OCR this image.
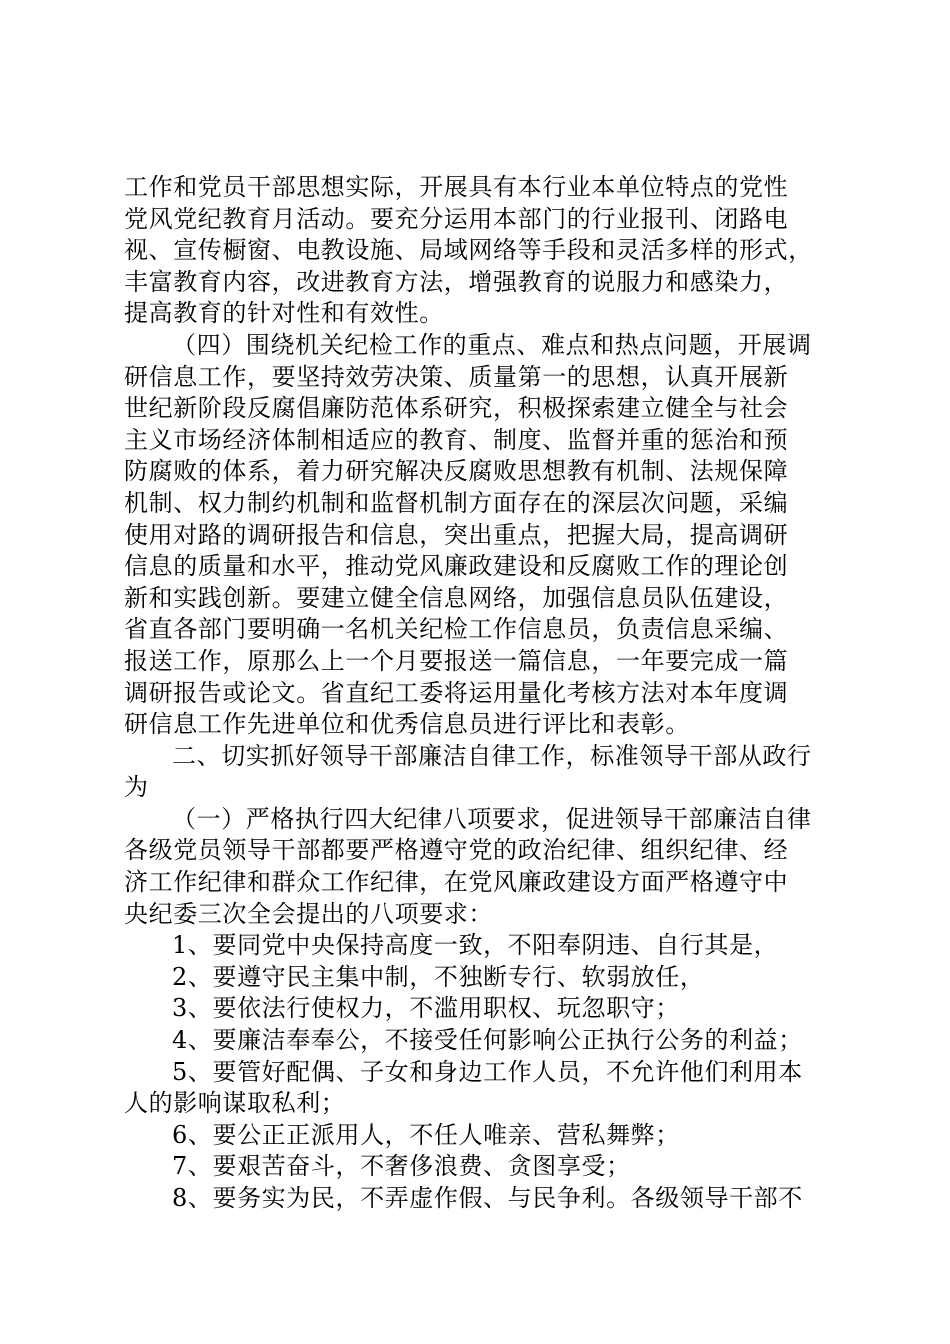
工作和党员干部思想实际，开展具有本行业本单位特点的党性
党风党纪教育月活动。要充分运用本部门的行业报刊、闭路电
视、宣传橱窗、电教设施、局域网络等手段和灵活多样的形式，
丰富教育内容，改进教育方法，增强教育的说服力和感染力，
提高教育的针对性和有效性。
（四）围绕机关纪检工作的重点、难点和热点问题，开展调
研信息工作，要坚持效劳决策、质量第一的思想，认真开展新
世纪新阶段反腐倡廉防范体系研究，积极探索建立健全与社会
主义市场经济体制相适应的教育、制度、监督并重的惩治和预
防腐败的体系，着力研究解决反腐败思想教有机制、法规保障
机制、权力制约机制和监督机制方面存在的深层次问题，采编
使用对路的调研报告和信息，突出重点，把握大局，提高调研
信息的质量和水平，推动党风廉政建设和反腐败工作的理论创
新和实践创新。要建立健全信息网络，加强信息员队伍建设，
省直各部门要明确一名机关纪检工作信息员，负责信息采编、
报送工作，原那么上一个月要报送一篇信息，一年要完成一篇
调研报告或论文。省直纪工委将运用量化考核方法对本年度调
研信息工作先进单位和优秀信息员进行评比和表彰。
二、切实抓好领导干部廉洁自律工作，标准领导干部从政行
为
（一）严格执行四大纪律八项要求，促进领导干部廉洁自律
各级党员领导干部都要严格遵守党的政治纪律、组织纪律、经
济工作纪律和群众工作纪律，在党风廉政建设方面严格遵守中
央纪委三次全会提出的八项要求：
1、要同党中央保持高度一致，不阳奉阴违、自行其是，
2、要遵守民主集中制，不独断专行、软弱放任，
3、要依法行使权力，不滥用职权、玩忽职守；
4、要廉洁奉奉公，不接受任何影响公正执行公务的利益；
5、要管好配偶、子女和身边工作人员，不允许他们利用本
人的影响谋取私利；
6、要公正正派用人，不任人唯亲、营私舞弊；
7、要艰苦奋斗，不奢侈浪费、贪图享受；
8、要务实为民，不弄虚作假、与民争利。各级领导干部不
